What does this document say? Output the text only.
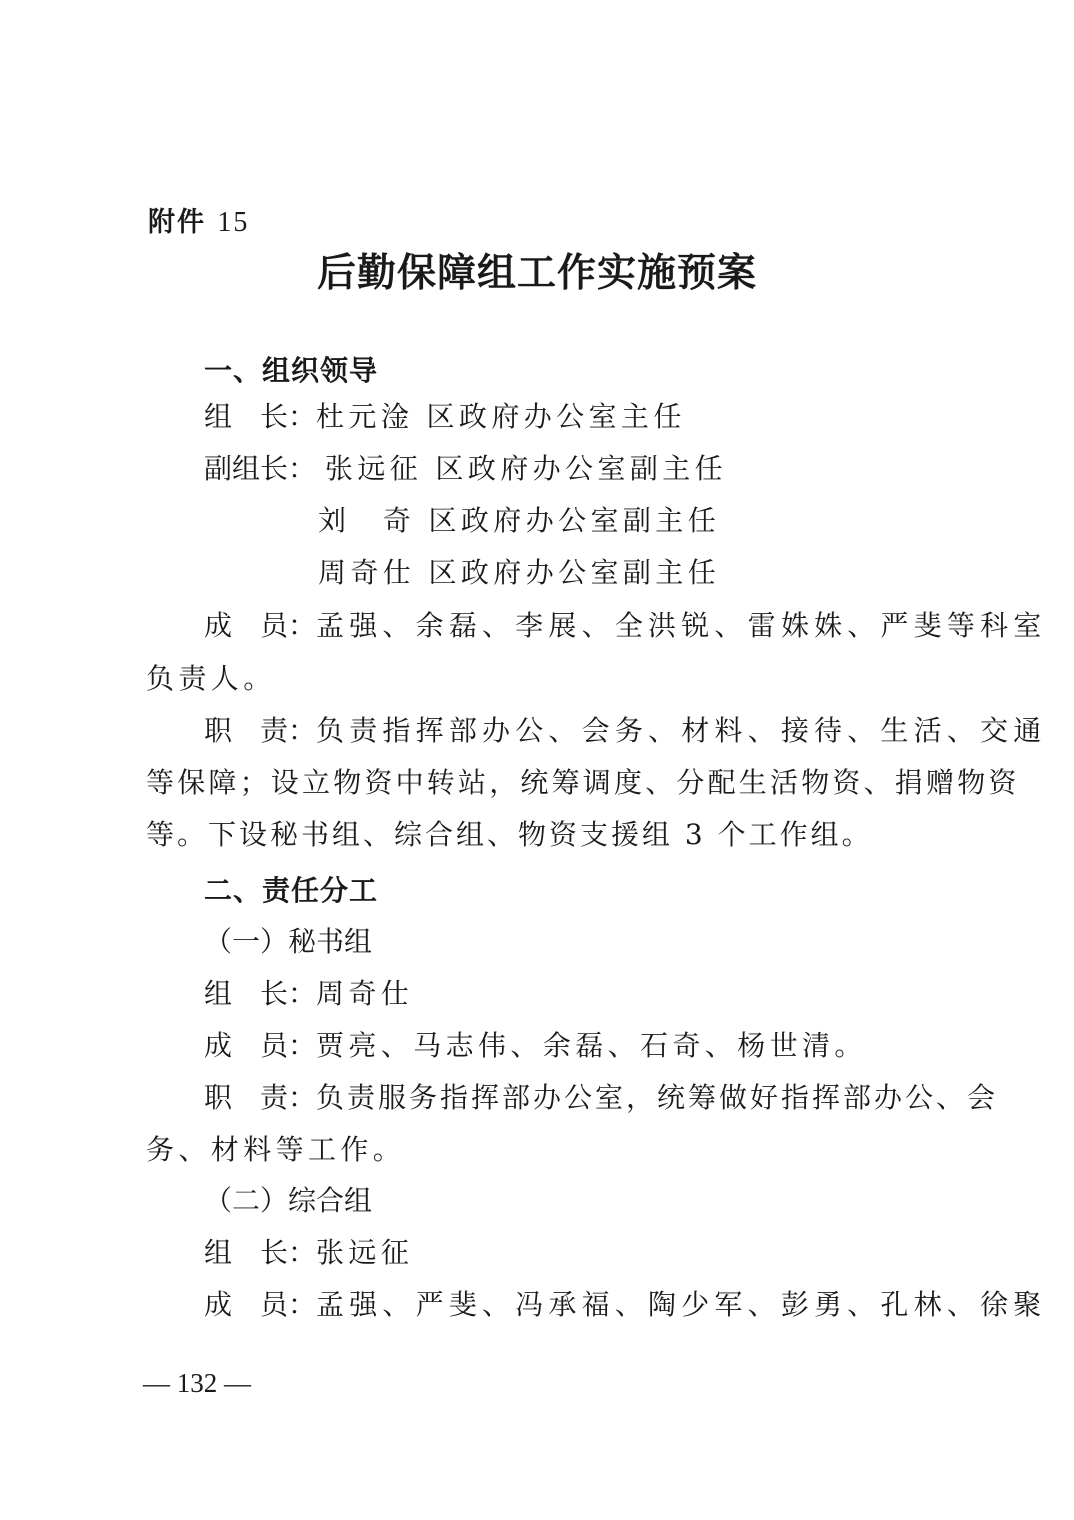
附件 15
后勤保障组工作实施预案
一、组织领导
组　长：杜元淦 区政府办公室主任
副组长： 张远征 区政府办公室副主任
刘　奇 区政府办公室副主任
周奇仕 区政府办公室副主任
成　员：孟强、余磊、李展、全洪锐、雷姝姝、严斐等科室
负责人。
职　责：负责指挥部办公、会务、材料、接待、生活、交通
等保障；设立物资中转站，统筹调度、分配生活物资、捐赠物资
等。下设秘书组、综合组、物资支援组 3 个工作组。
二、责任分工
（一）秘书组
组　长：周奇仕
成　员：贾亮、马志伟、余磊、石奇、杨世清。
职　责：负责服务指挥部办公室，统筹做好指挥部办公、会
务、材料等工作。
（二）综合组
组　长：张远征
成　员：孟强、严斐、冯承福、陶少军、彭勇、孔林、徐聚
— 132 —
